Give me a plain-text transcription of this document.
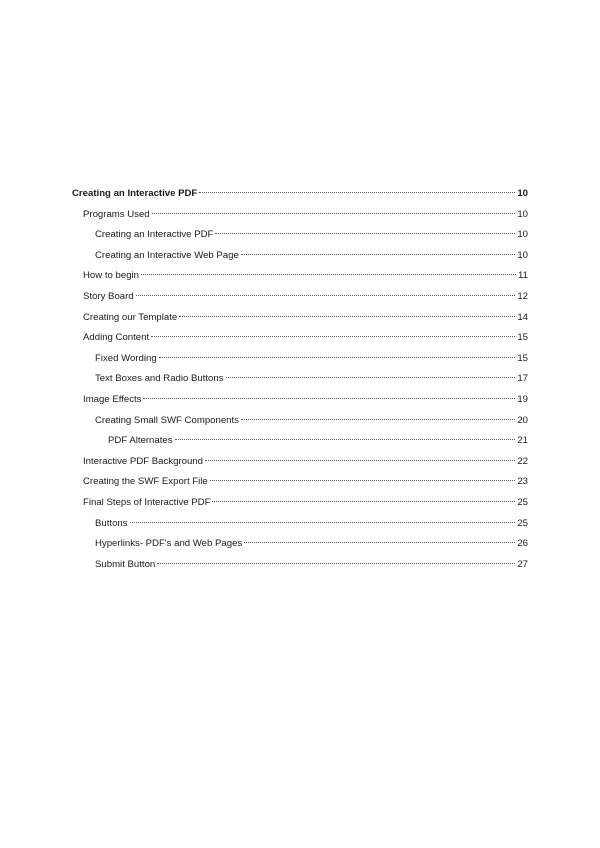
Creating an Interactive PDF	10
Programs Used	10
Creating an Interactive PDF	10
Creating an Interactive Web Page	10
How to begin	11
Story Board	12
Creating our Template	14
Adding Content	15
Fixed Wording	15
Text Boxes and Radio Buttons	17
Image Effects	19
Creating Small SWF Components	20
PDF Alternates	21
Interactive PDF Background	22
Creating the SWF Export File	23
Final Steps of Interactive PDF	25
Buttons	25
Hyperlinks- PDF's and Web Pages	26
Submit Button	27
